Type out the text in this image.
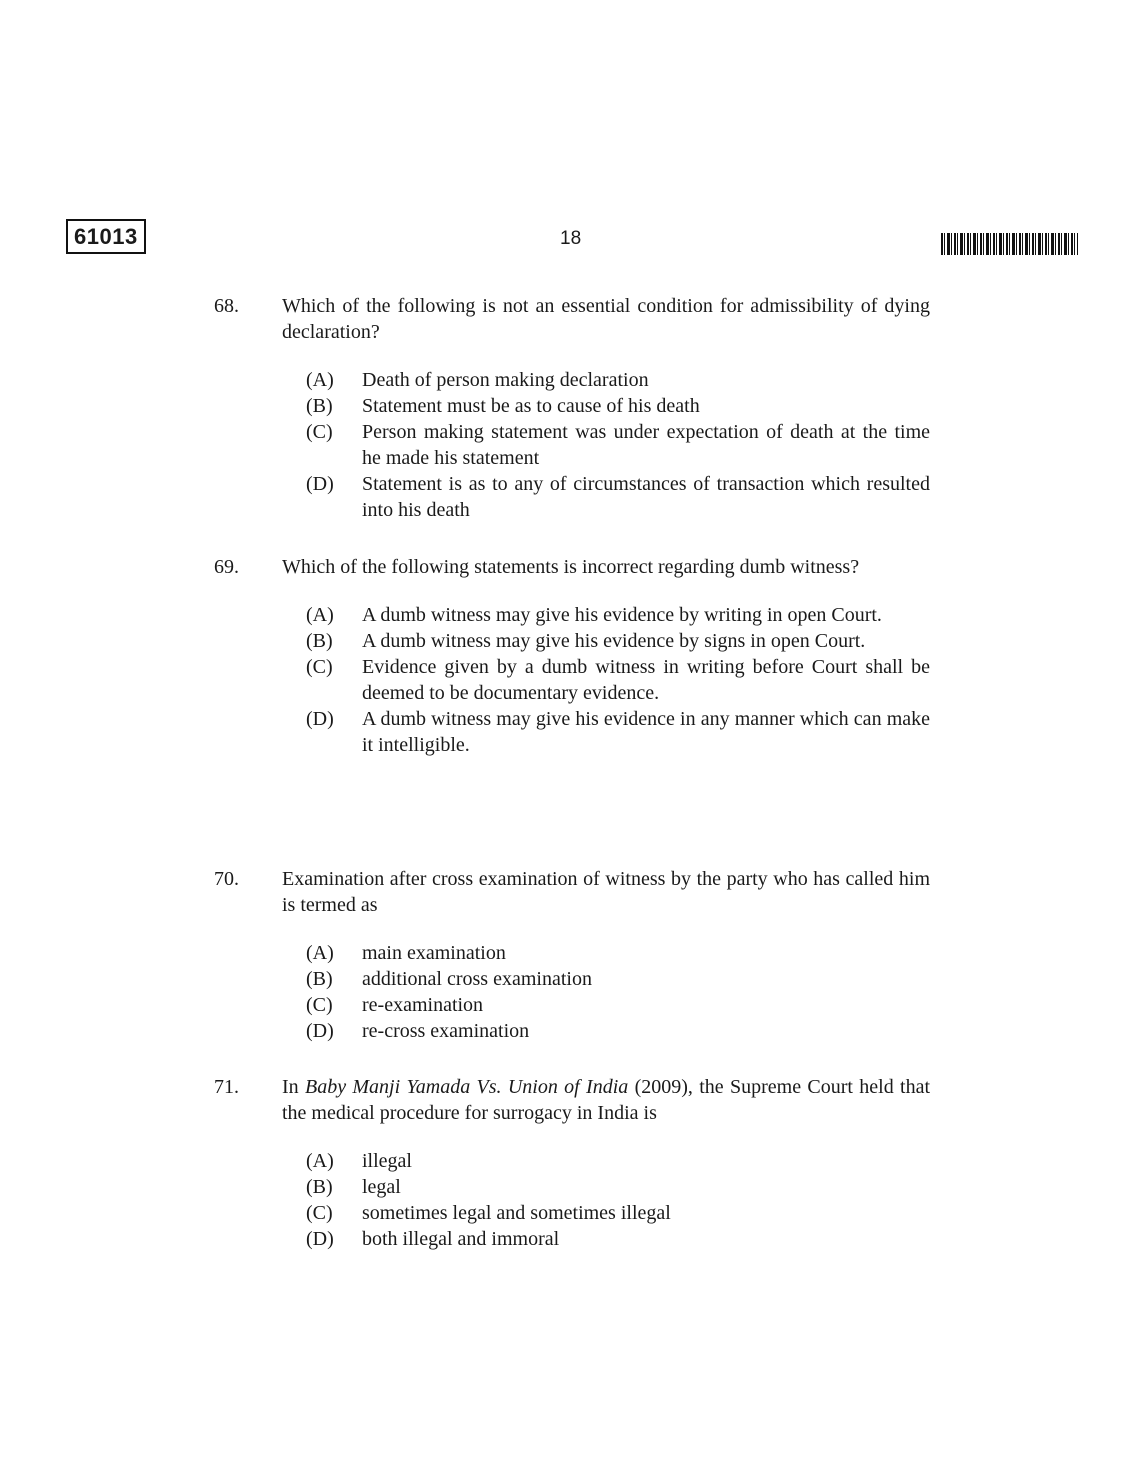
61013	18
68.	Which of the following is not an essential condition for admissibility of dying declaration?
(A)	Death of person making declaration
(B)	Statement must be as to cause of his death
(C)	Person making statement was under expectation of death at the time he made his statement
(D)	Statement is as to any of circumstances of transaction which resulted into his death
69.	Which of the following statements is incorrect regarding dumb witness?
(A)	A dumb witness may give his evidence by writing in open Court.
(B)	A dumb witness may give his evidence by signs in open Court.
(C)	Evidence given by a dumb witness in writing before Court shall be deemed to be documentary evidence.
(D)	A dumb witness may give his evidence in any manner which can make it intelligible.
70.	Examination after cross examination of witness by the party who has called him is termed as
(A)	main examination
(B)	additional cross examination
(C)	re-examination
(D)	re-cross examination
71.	In Baby Manji Yamada Vs. Union of India (2009), the Supreme Court held that the medical procedure for surrogacy in India is
(A)	illegal
(B)	legal
(C)	sometimes legal and sometimes illegal
(D)	both illegal and immoral
